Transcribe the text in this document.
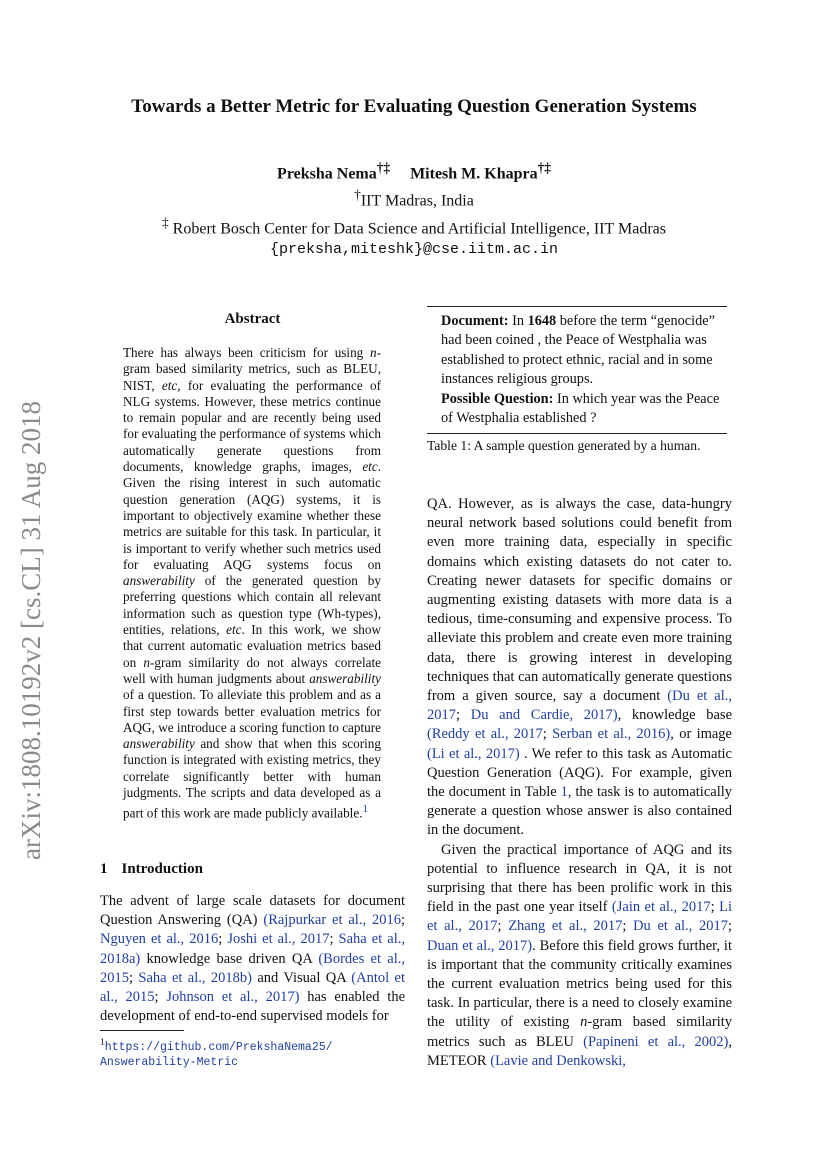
Towards a Better Metric for Evaluating Question Generation Systems
Preksha Nema†‡ Mitesh M. Khapra†‡
†IIT Madras, India
‡ Robert Bosch Center for Data Science and Artificial Intelligence, IIT Madras
{preksha,miteshk}@cse.iitm.ac.in
arXiv:1808.10192v2 [cs.CL] 31 Aug 2018
Abstract
There has always been criticism for using n-gram based similarity metrics, such as BLEU, NIST, etc, for evaluating the performance of NLG systems. However, these metrics continue to remain popular and are recently being used for evaluating the performance of systems which automatically generate questions from documents, knowledge graphs, images, etc. Given the rising interest in such automatic question generation (AQG) systems, it is important to objectively examine whether these metrics are suitable for this task. In particular, it is important to verify whether such metrics used for evaluating AQG systems focus on answerability of the generated question by preferring questions which contain all relevant information such as question type (Wh-types), entities, relations, etc. In this work, we show that current automatic evaluation metrics based on n-gram similarity do not always correlate well with human judgments about answerability of a question. To alleviate this problem and as a first step towards better evaluation metrics for AQG, we introduce a scoring function to capture answerability and show that when this scoring function is integrated with existing metrics, they correlate significantly better with human judgments. The scripts and data developed as a part of this work are made publicly available.$^1$
1 Introduction
The advent of large scale datasets for document Question Answering (QA) (Rajpurkar et al., 2016; Nguyen et al., 2016; Joshi et al., 2017; Saha et al., 2018a) knowledge base driven QA (Bordes et al., 2015; Saha et al., 2018b) and Visual QA (Antol et al., 2015; Johnson et al., 2017) has enabled the development of end-to-end supervised models for
$^1$https://github.com/PrekshaNema25/
Answerability-Metric
Document: In 1648 before the term “genocide” had been coined , the Peace of Westphalia was established to protect ethnic, racial and in some instances religious groups.
Possible Question: In which year was the Peace of Westphalia established ?
Table 1: A sample question generated by a human.

QA. However, as is always the case, data-hungry neural network based solutions could benefit from even more training data, especially in specific domains which existing datasets do not cater to. Creating newer datasets for specific domains or augmenting existing datasets with more data is a tedious, time-consuming and expensive process. To alleviate this problem and create even more training data, there is growing interest in developing techniques that can automatically generate questions from a given source, say a document (Du et al., 2017; Du and Cardie, 2017), knowledge base (Reddy et al., 2017; Serban et al., 2016), or image (Li et al., 2017) . We refer to this task as Automatic Question Generation (AQG). For example, given the document in Table 1, the task is to automatically generate a question whose answer is also contained in the document.

Given the practical importance of AQG and its potential to influence research in QA, it is not surprising that there has been prolific work in this field in the past one year itself (Jain et al., 2017; Li et al., 2017; Zhang et al., 2017; Du et al., 2017; Duan et al., 2017). Before this field grows further, it is important that the community critically examines the current evaluation metrics being used for this task. In particular, there is a need to closely examine the utility of existing n-gram based similarity metrics such as BLEU (Papineni et al., 2002), METEOR (Lavie and Denkowski,
